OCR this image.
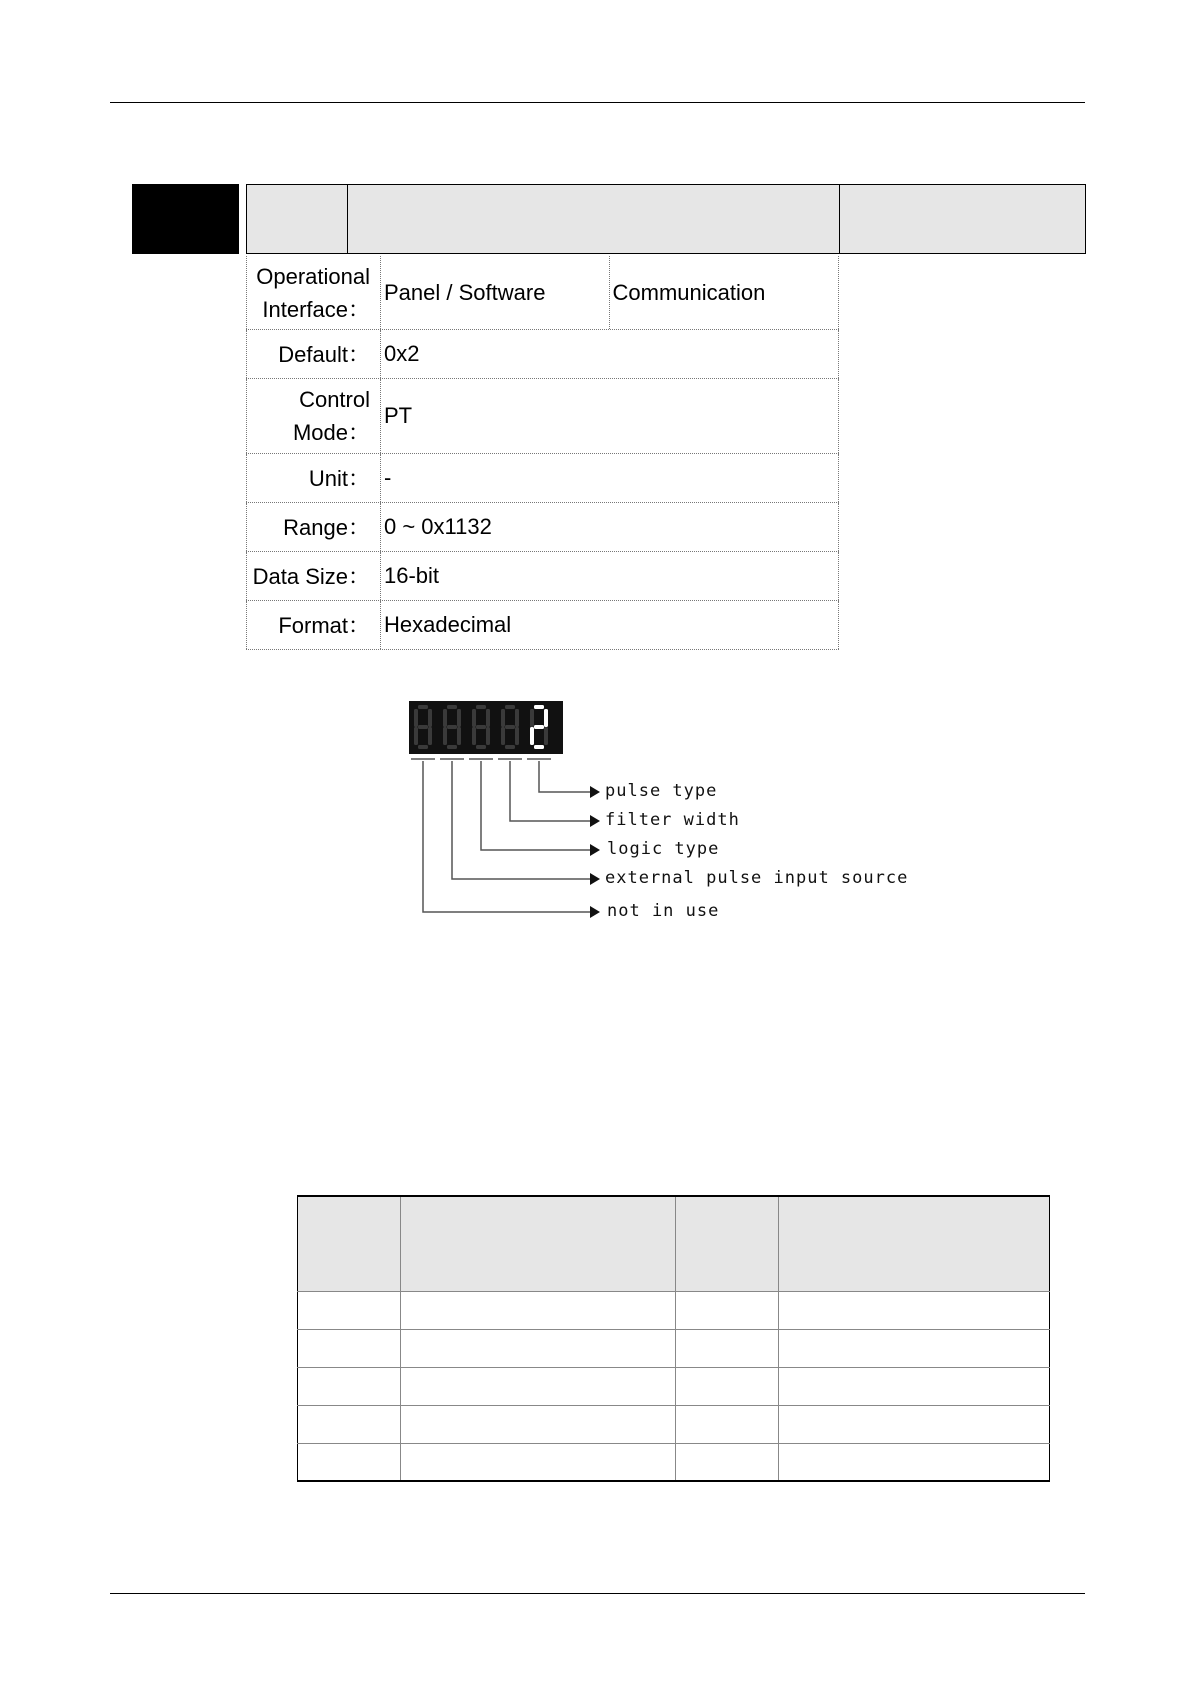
Operational
Interface：
Panel / Software	Communication
Default： 0x2
Control
Mode：
PT
Unit： -
Range： 0 ~ 0x1132
Data Size： 16-bit
Format： Hexadecimal
pulse type
filter width
logic type
external pulse input source
not in use
